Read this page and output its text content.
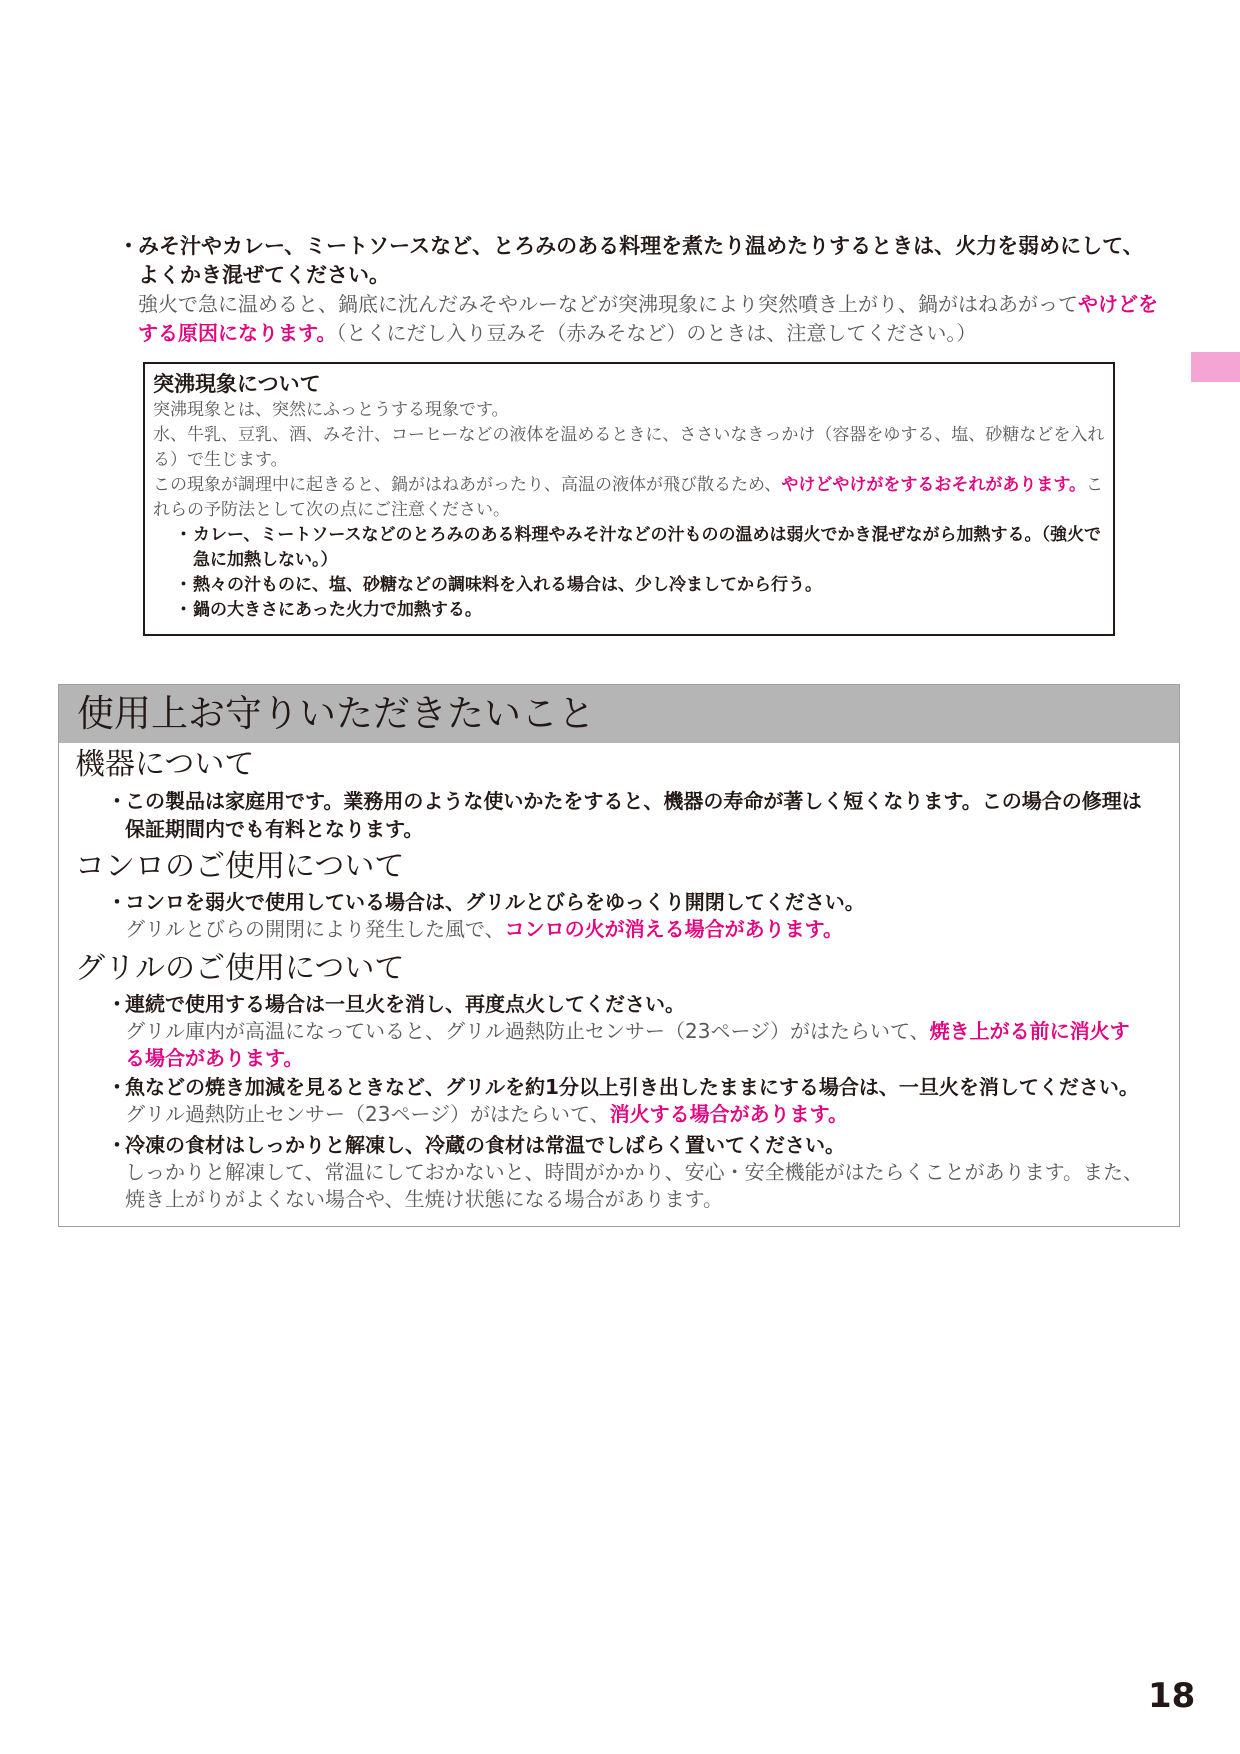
・ みそ汁やカレー、ミートソースなど、とろみのある料理を煮たり温めたりするときは、火力を弱めにして、よくかき混ぜてください。
強火で急に温めると、鍋底に沈んだみそやルーなどが突沸現象により突然噴き上がり、鍋がはねあがってやけどをする原因になります。（とくにだし入り豆みそ（赤みそなど）のときは、注意してください。）
突沸現象について
突沸現象とは、突然にふっとうする現象です。
水、牛乳、豆乳、酒、みそ汁、コーヒーなどの液体を温めるときに、ささいなきっかけ（容器をゆする、塩、砂糖などを入れる）で生じます。
この現象が調理中に起きると、鍋がはねあがったり、高温の液体が飛び散るため、やけどやけがをするおそれがあります。これらの予防法として次の点にご注意ください。
・ カレー、ミートソースなどのとろみのある料理やみそ汁などの汁ものの温めは弱火でかき混ぜながら加熱する。（強火で急に加熱しない。）
・ 熱々の汁ものに、塩、砂糖などの調味料を入れる場合は、少し冷ましてから行う。
・ 鍋の大きさにあった火力で加熱する。
使用上お守りいただきたいこと
機器について
・
この製品は家庭用です。業務用のような使いかたをすると、機器の寿命が著しく短くなります。この場合の修理は保証期間内でも有料となります。
コンロのご使用について
・
コンロを弱火で使用している場合は、グリルとびらをゆっくり開閉してください。
グリルとびらの開閉により発生した風で、コンロの火が消える場合があります。
グリルのご使用について
・
連続で使用する場合は一旦火を消し、再度点火してください。
グリル庫内が高温になっていると、グリル過熱防止センサー（23ページ）がはたらいて、焼き上がる前に消火する場合があります。
・
魚などの焼き加減を見るときなど、グリルを約1分以上引き出したままにする場合は、一旦火を消してください。
グリル過熱防止センサー（23ページ）がはたらいて、消火する場合があります。
・
冷凍の食材はしっかりと解凍し、冷蔵の食材は常温でしばらく置いてください。
しっかりと解凍して、常温にしておかないと、時間がかかり、安心・安全機能がはたらくことがあります。また、焼き上がりがよくない場合や、生焼け状態になる場合があります。
18
